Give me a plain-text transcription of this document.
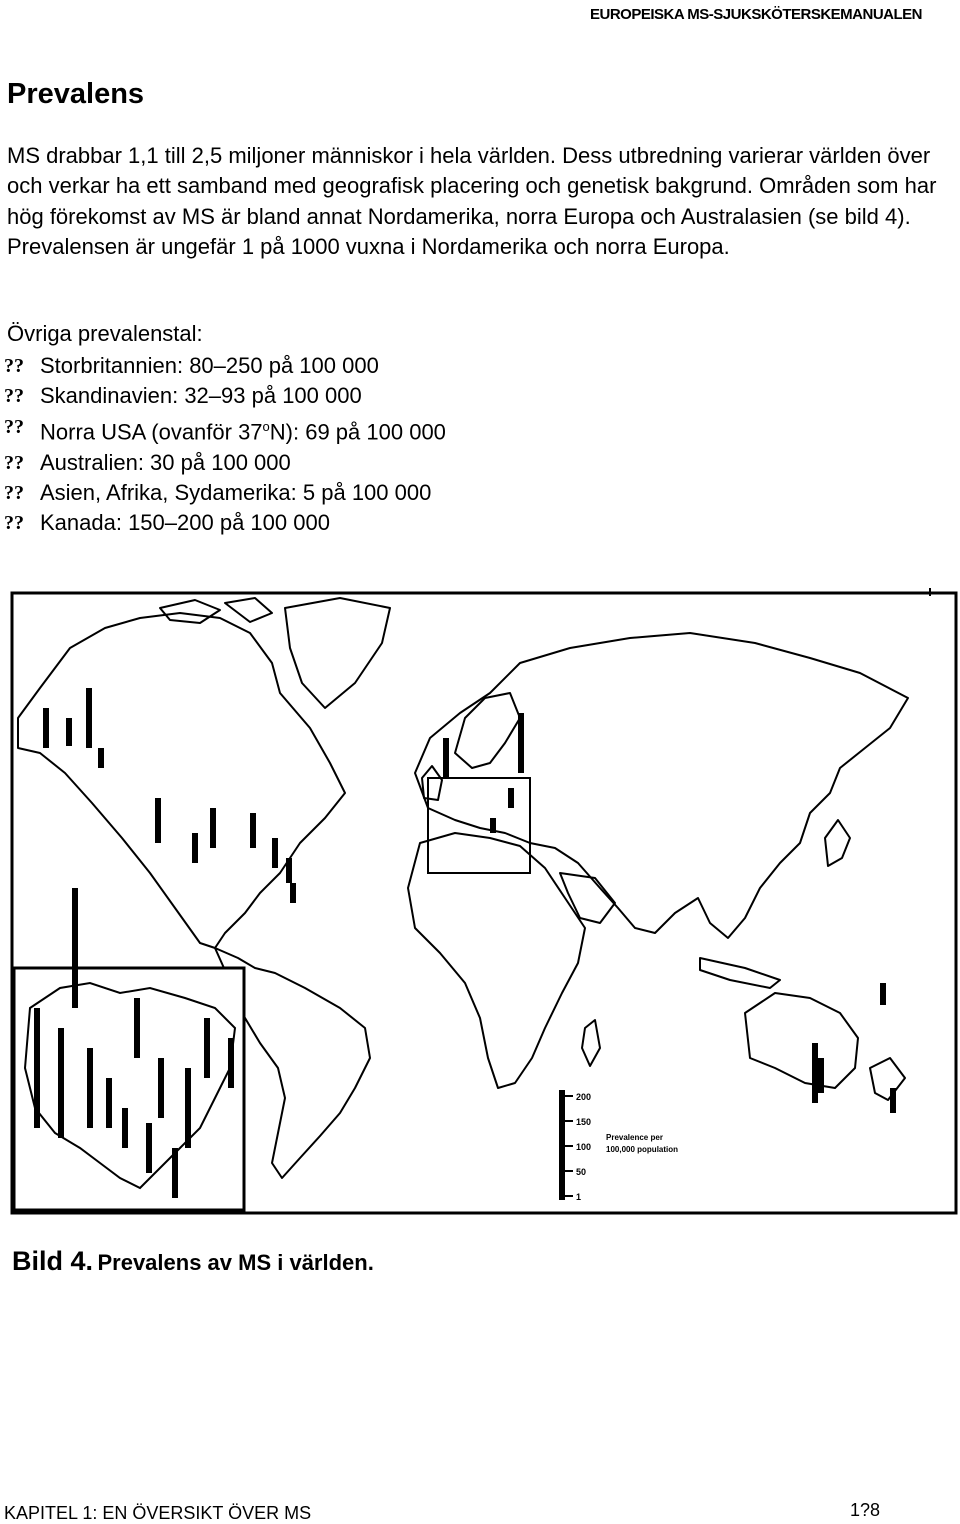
EUROPEISKA MS-SJUKSKÖTERSKEMANUALEN
Prevalens

MS drabbar 1,1 till 2,5 miljoner människor i hela världen. Dess utbredning varierar världen över och verkar ha ett samband med geografisk placering och genetisk bakgrund. Områden som har hög förekomst av MS är bland annat Nordamerika, norra Europa och Australasien (se bild 4). Prevalensen är ungefär 1 på 1000 vuxna i Nordamerika och norra Europa.

Övriga prevalenstal:
?? Storbritannien: 80–250 på 100 000
?? Skandinavien: 32–93 på 100 000
?? Norra USA (ovanför 37$^o$N): 69 på 100 000
?? Australien: 30 på 100 000
?? Asien, Afrika, Sydamerika: 5 på 100 000
?? Kanada: 150–200 på 100 000
200
150
100
50
1
Prevalence per
100,000 population
Bild 4. Prevalens av MS i världen.
KAPITEL 1: EN ÖVERSIKT ÖVER MS	1?8
